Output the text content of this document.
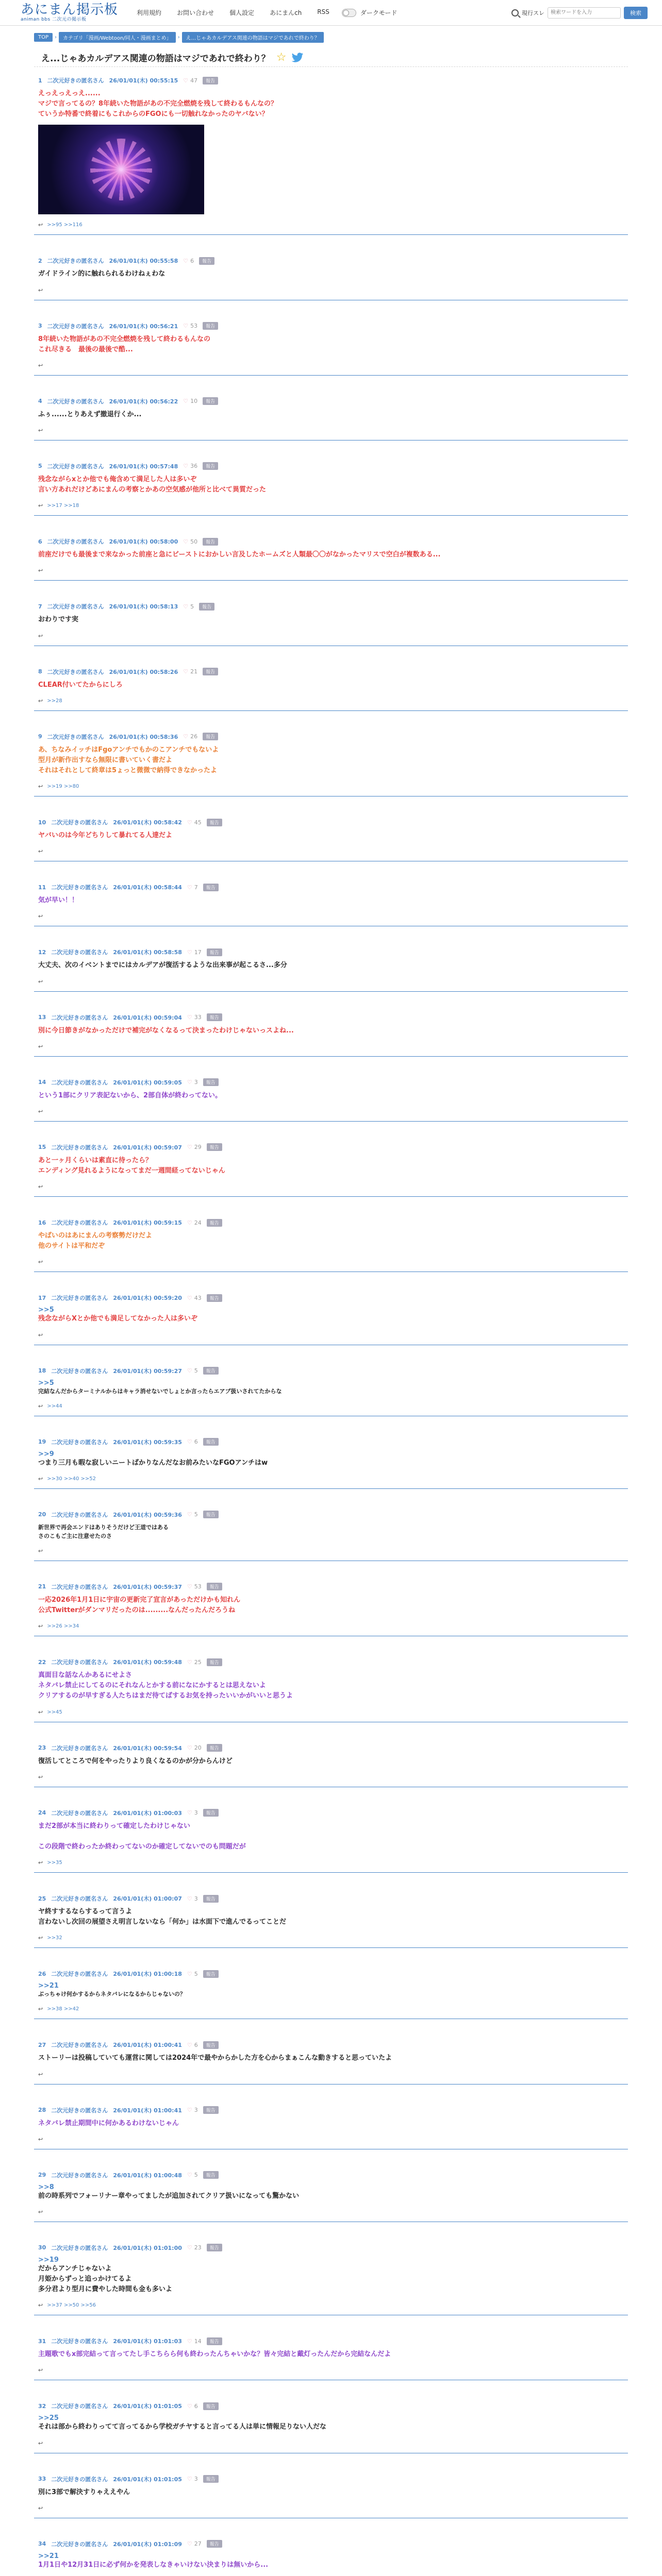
あにまん掲示板
animan bbs 二次元の掲示板
利用規約	お問い合わせ	個人設定	あにまんch	RSS	ダークモード	現行スレ
検索ワードを入力	検索
TOP	›	カテゴリ「漫画/Webtoon/同人・漫画まとめ」	›	え...じゃあカルデアス関連の物語はマジであれで終わり？
え...じゃあカルデアス関連の物語はマジであれで終わり？ ☆
1 二次元好きの匿名さん 26/01/01(木) 00:55:15 ♡ 47	報告
えっえっえっえ......
マジで言ってるの？8年続いた物語があの不完全燃焼を残して終わるもんなの？
ていうか特番で終着にもこれからのFGOにも一切触れなかったのヤバない？
↩ >>95 >>116
2 二次元好きの匿名さん 26/01/01(木) 00:55:58 ♡ 6	報告
ガイドライン的に触れられるわけねぇわな
↩
3 二次元好きの匿名さん 26/01/01(木) 00:56:21 ♡ 53	報告
8年続いた物語があの不完全燃焼を残して終わるもんなの
これ尽きる　最後の最後で酷...
↩
4 二次元好きの匿名さん 26/01/01(木) 00:56:22 ♡ 10	報告
ふぅ......とりあえず撤退行くか...
↩
5 二次元好きの匿名さん 26/01/01(木) 00:57:48 ♡ 36	報告
残念ながらxとか他でも俺含めて満足した人は多いぞ
言い方あれだけどあにまんの考察とかあの空気感が他所と比べて異質だった
↩ >>17 >>18
6 二次元好きの匿名さん 26/01/01(木) 00:58:00 ♡ 50	報告
前座だけでも最後まで来なかった前座と急にビーストにおかしい言及したホームズと人類最〇〇がなかったマリスで空白が複数ある...
↩
7 二次元好きの匿名さん 26/01/01(木) 00:58:13 ♡ 5	報告
おわりです実
↩
8 二次元好きの匿名さん 26/01/01(木) 00:58:26 ♡ 21	報告
CLEAR付いてたからにしろ
↩ >>28
9 二次元好きの匿名さん 26/01/01(木) 00:58:36 ♡ 26	報告
あ、ちなみイッチはFgoアンチでもかのこアンチでもないよ
型月が新作出すなら無限に書いていく書だよ
それはそれとして終章は5ょっと微微で納得できなかったよ
↩ >>19 >>80
10 二次元好きの匿名さん 26/01/01(木) 00:58:42 ♡ 45	報告
ヤバいのは今年どちりして暴れてる人達だよ
↩
11 二次元好きの匿名さん 26/01/01(木) 00:58:44 ♡ 7	報告
気が早い！！
↩
12 二次元好きの匿名さん 26/01/01(木) 00:58:58 ♡ 17	報告
大丈夫、次のイベントまでにはカルデアが復活するような出来事が起こるさ...多分
↩
13 二次元好きの匿名さん 26/01/01(木) 00:59:04 ♡ 33	報告
別に今日節きがなかっただけで補完がなくなるって決まったわけじゃないっスよね...
↩
14 二次元好きの匿名さん 26/01/01(木) 00:59:05 ♡ 3	報告
という1部にクリア表記ないから、2部自体が終わってない。
↩
15 二次元好きの匿名さん 26/01/01(木) 00:59:07 ♡ 29	報告
あと一ヶ月くらいは素直に待ったら？
エンディング見れるようになってまだ一週間経ってないじゃん
↩
16 二次元好きの匿名さん 26/01/01(木) 00:59:15 ♡ 24	報告
やばいのはあにまんの考察勢だけだよ
他のサイトは平和だぞ
↩
17 二次元好きの匿名さん 26/01/01(木) 00:59:20 ♡ 43	報告
>>5
残念ながらXとか他でも満足してなかった人は多いぞ
↩
18 二次元好きの匿名さん 26/01/01(木) 00:59:27 ♡ 5	報告
>>5
完結なんだからターミナルからはキャラ消せないでしょとか言ったらエアプ扱いされてたからな
↩ >>44
19 二次元好きの匿名さん 26/01/01(木) 00:59:35 ♡ 6	報告
>>9
つまり三月も暇な寂しいニートばかりなんだなお前みたいなFGOアンチはw
↩ >>30 >>40 >>52
20 二次元好きの匿名さん 26/01/01(木) 00:59:36 ♡ 5	報告
新世界で再会エンドはありそうだけど王道ではある
さのこもご主に注意せたのさ
↩
21 二次元好きの匿名さん 26/01/01(木) 00:59:37 ♡ 53	報告
一応2026年1月1日に宇宙の更新完了宣言があっただけかも知れん
公式Twitterがダンマリだったのは.........なんだったんだろうね
↩ >>26 >>34
22 二次元好きの匿名さん 26/01/01(木) 00:59:48 ♡ 25	報告
真面目な話なんかあるにせよさ
ネタバレ禁止にしてるのにそれなんとかする前になにかするとは思えないよ
クリアするのが早すぎる人たちはまだ待てばするお気を持ったいいかがいいと思うよ
↩ >>45
23 二次元好きの匿名さん 26/01/01(木) 00:59:54 ♡ 20	報告
復活してところで何をやったりより良くなるのかが分からんけど
↩
24 二次元好きの匿名さん 26/01/01(木) 01:00:03 ♡ 3	報告
まだ2部が本当に終わりって確定したわけじゃない

この段階で終わったか終わってないのか確定してないでのも問題だが
↩ >>35
25 二次元好きの匿名さん 26/01/01(木) 01:00:07 ♡ 3	報告
ヤ終すするならするって言うよ
言わないし次回の展望さえ明言しないなら「何か」は水面下で進んでるってことだ
↩ >>32
26 二次元好きの匿名さん 26/01/01(木) 01:00:18 ♡ 5	報告
>>21
ぶっちゃけ何かするからネタバレになるからじゃないの？
↩ >>38 >>42
27 二次元好きの匿名さん 26/01/01(木) 01:00:41 ♡ 6	報告
ストーリーは投稿していても運営に関しては2024年で最やからかした方を心からまぁこんな動きすると思っていたよ
↩
28 二次元好きの匿名さん 26/01/01(木) 01:00:41 ♡ 3	報告
ネタバレ禁止期間中に何かあるわけないじゃん
↩
29 二次元好きの匿名さん 26/01/01(木) 01:00:48 ♡ 5	報告
>>8
前の時系列でフォーリナー章やってましたが追加されてクリア扱いになっても驚かない
↩
30 二次元好きの匿名さん 26/01/01(木) 01:01:00 ♡ 23	報告
>>19
だからアンチじゃないよ
月姫からずっと追っかけてるよ
多分君より型月に費やした時間も金も多いよ
↩ >>37 >>50 >>56
31 二次元好きの匿名さん 26/01/01(木) 01:01:03 ♡ 14	報告
主題歌でもx部完結って言ってたし手こちらら何も終わったんちゃいかな？皆々完結と戴灯ったんだから完結なんだよ
↩
32 二次元好きの匿名さん 26/01/01(木) 01:01:05 ♡ 6	報告
>>25
それは部から終わりってて言ってるから学校ガチヤすると言ってる人は単に情報足りない人だな
↩
33 二次元好きの匿名さん 26/01/01(木) 01:01:05 ♡ 3	報告
別に3部で解決すりゃええやん
↩
34 二次元好きの匿名さん 26/01/01(木) 01:01:09 ♡ 27	報告
>>21
1月1日や12月31日に必ず何かを発表しなきゃいけない決まりは無いから...
